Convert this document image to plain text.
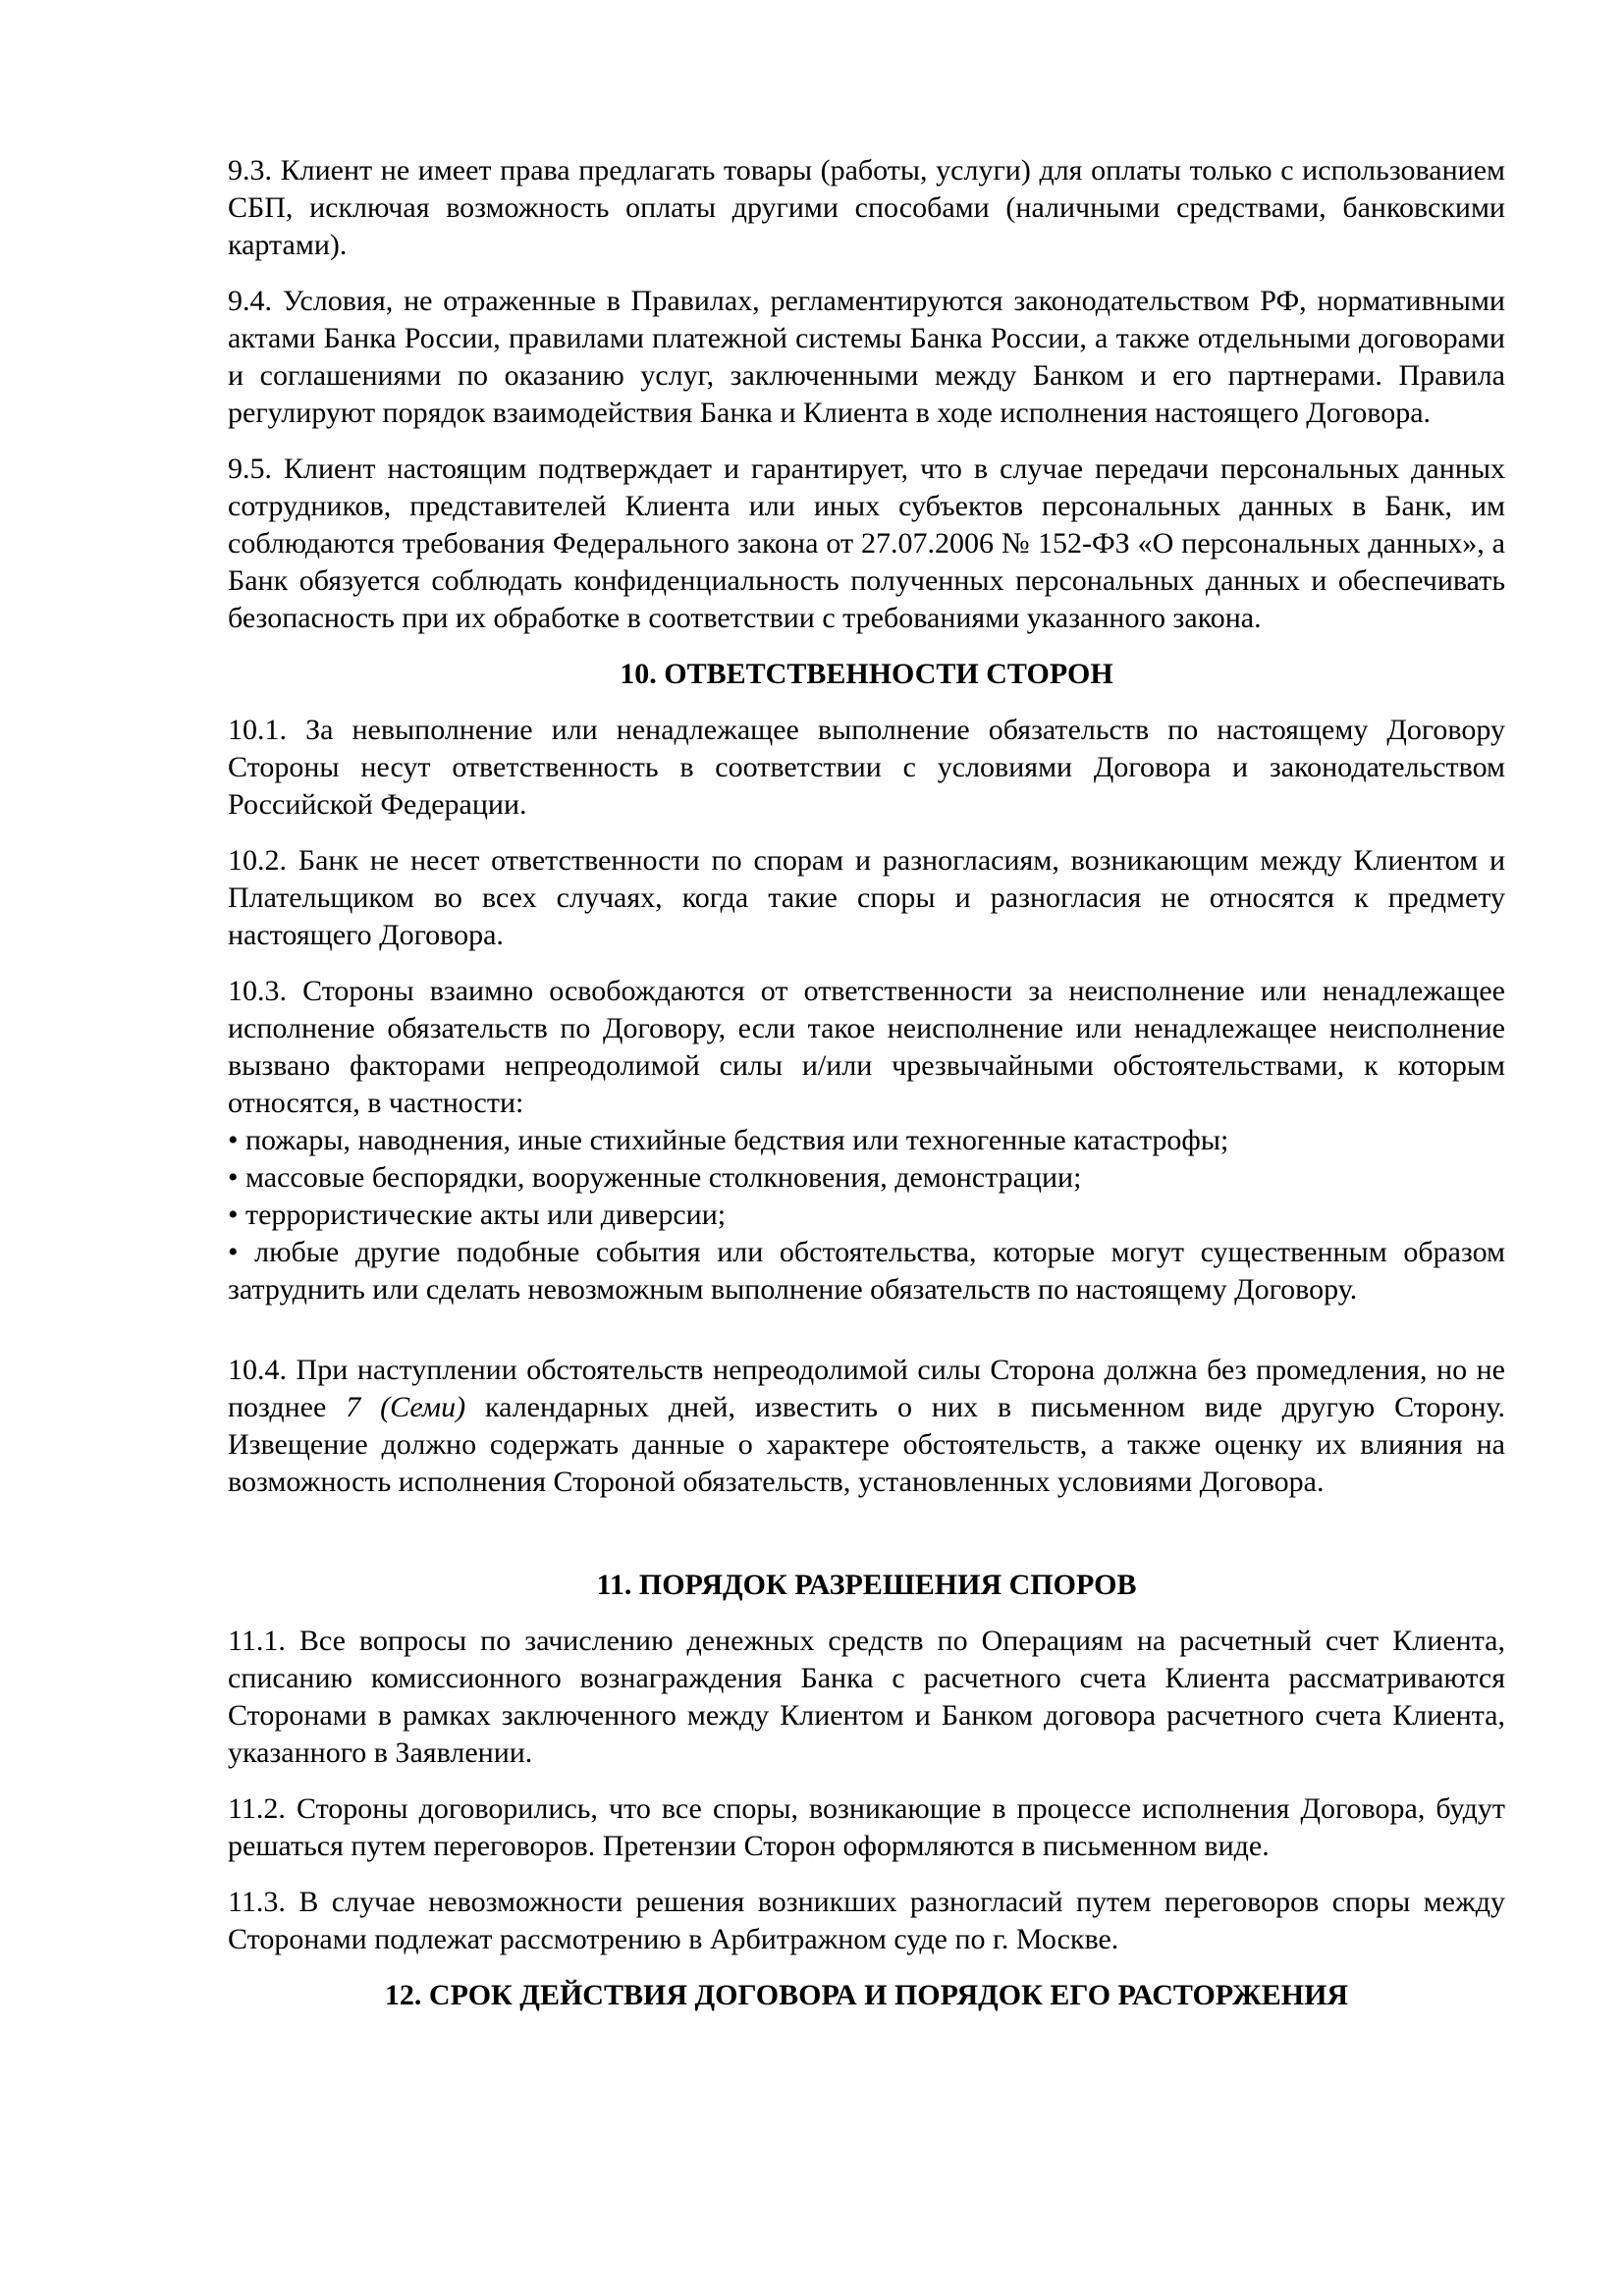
9.3. Клиент не имеет права предлагать товары (работы, услуги) для оплаты только с использованием СБП, исключая возможность оплаты другими способами (наличными средствами, банковскими картами).

9.4. Условия, не отраженные в Правилах, регламентируются законодательством РФ, нормативными актами Банка России, правилами платежной системы Банка России, а также отдельными договорами и соглашениями по оказанию услуг, заключенными между Банком и его партнерами. Правила регулируют порядок взаимодействия Банка и Клиента в ходе исполнения настоящего Договора.

9.5. Клиент настоящим подтверждает и гарантирует, что в случае передачи персональных данных сотрудников, представителей Клиента или иных субъектов персональных данных в Банк, им соблюдаются требования Федерального закона от 27.07.2006 № 152-ФЗ «О персональных данных», а Банк обязуется соблюдать конфиденциальность полученных персональных данных и обеспечивать безопасность при их обработке в соответствии с требованиями указанного закона.

10. ОТВЕТСТВЕННОСТИ СТОРОН

10.1. За невыполнение или ненадлежащее выполнение обязательств по настоящему Договору Стороны несут ответственность в соответствии с условиями Договора и законодательством Российской Федерации.

10.2. Банк не несет ответственности по спорам и разногласиям, возникающим между Клиентом и Плательщиком во всех случаях, когда такие споры и разногласия не относятся к предмету настоящего Договора.

10.3. Стороны взаимно освобождаются от ответственности за неисполнение или ненадлежащее исполнение обязательств по Договору, если такое неисполнение или ненадлежащее неисполнение вызвано факторами непреодолимой силы и/или чрезвычайными обстоятельствами, к которым относятся, в частности:

• пожары, наводнения, иные стихийные бедствия или техногенные катастрофы;

• массовые беспорядки, вооруженные столкновения, демонстрации;

• террористические акты или диверсии;

• любые другие подобные события или обстоятельства, которые могут существенным образом затруднить или сделать невозможным выполнение обязательств по настоящему Договору.

10.4. При наступлении обстоятельств непреодолимой силы Сторона должна без промедления, но не позднее 7 (Семи) календарных дней, известить о них в письменном виде другую Сторону. Извещение должно содержать данные о характере обстоятельств, а также оценку их влияния на возможность исполнения Стороной обязательств, установленных условиями Договора.

11. ПОРЯДОК РАЗРЕШЕНИЯ СПОРОВ

11.1. Все вопросы по зачислению денежных средств по Операциям на расчетный счет Клиента, списанию комиссионного вознаграждения Банка с расчетного счета Клиента рассматриваются Сторонами в рамках заключенного между Клиентом и Банком договора расчетного счета Клиента, указанного в Заявлении.

11.2. Стороны договорились, что все споры, возникающие в процессе исполнения Договора, будут решаться путем переговоров. Претензии Сторон оформляются в письменном виде.

11.3. В случае невозможности решения возникших разногласий путем переговоров споры между Сторонами подлежат рассмотрению в Арбитражном суде по г. Москве.

12. СРОК ДЕЙСТВИЯ ДОГОВОРА И ПОРЯДОК ЕГО РАСТОРЖЕНИЯ
